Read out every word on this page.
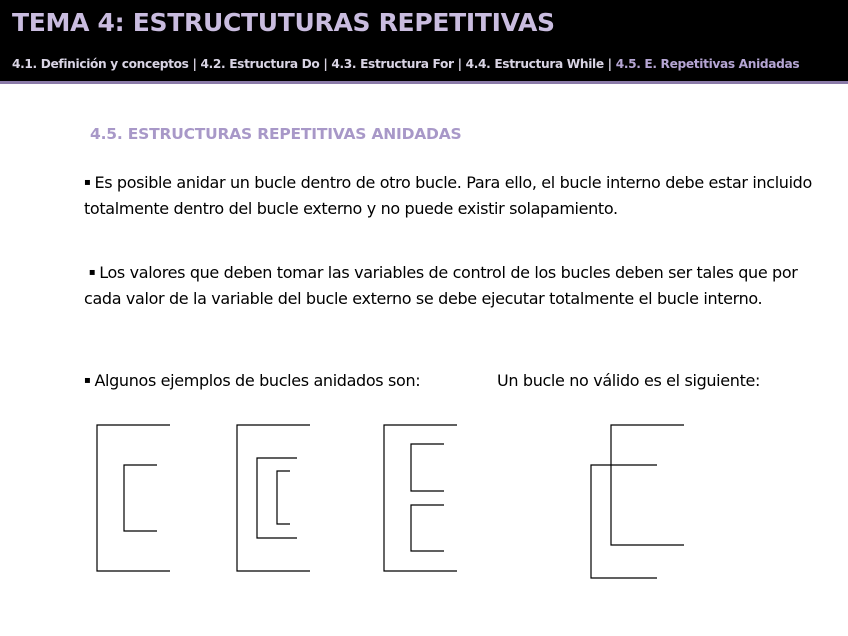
TEMA 4: ESTRUCTUTURAS REPETITIVAS
4.1. Definición y conceptos | 4.2. Estructura Do | 4.3. Estructura For | 4.4. Estructura While | 4.5. E. Repetitivas Anidadas
4.5. ESTRUCTURAS REPETITIVAS ANIDADAS
▪ Es posible anidar un bucle dentro de otro bucle. Para ello, el bucle interno debe estar incluido totalmente dentro del bucle externo y no puede existir solapamiento.
▪ Los valores que deben tomar las variables de control de los bucles deben ser tales que por cada valor de la variable del bucle externo se debe ejecutar totalmente el bucle interno.
▪ Algunos ejemplos de bucles anidados son:	Un bucle no válido es el siguiente:
